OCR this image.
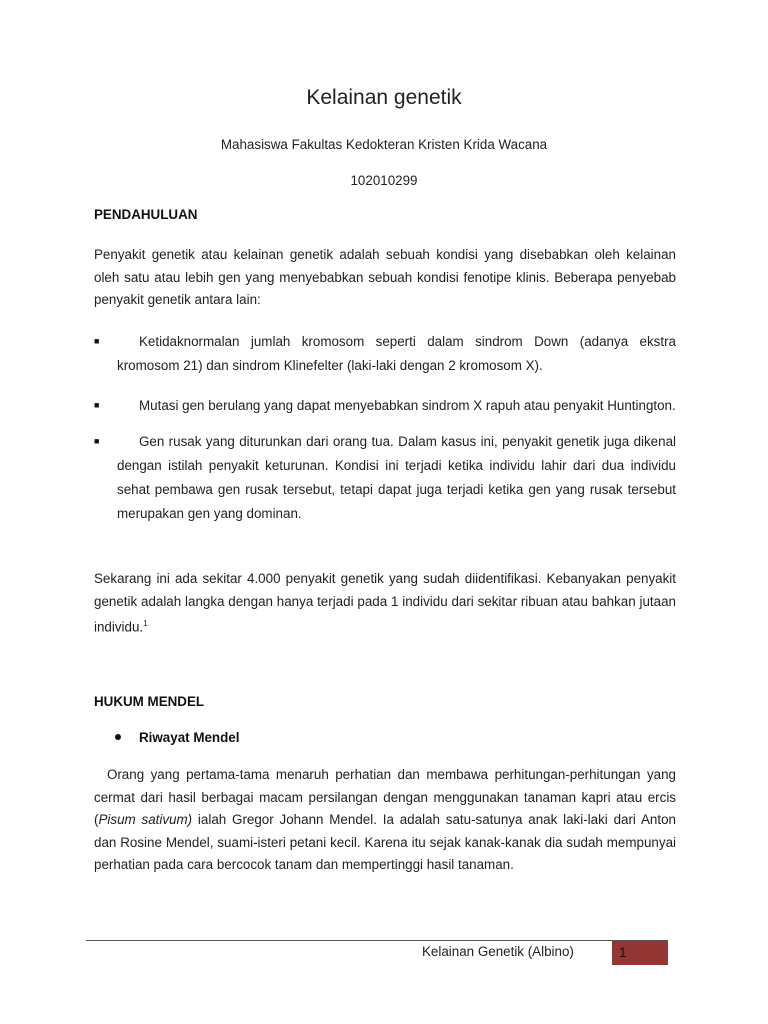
Kelainan genetik
Mahasiswa Fakultas Kedokteran Kristen Krida Wacana
102010299
PENDAHULUAN
Penyakit genetik atau kelainan genetik adalah sebuah kondisi yang disebabkan oleh kelainan oleh satu atau lebih gen yang menyebabkan sebuah kondisi fenotipe klinis. Beberapa penyebab penyakit genetik antara lain:
■	Ketidaknormalan jumlah kromosom seperti dalam sindrom Down (adanya ekstra kromosom 21) dan sindrom Klinefelter (laki-laki dengan 2 kromosom X).
■	Mutasi gen berulang yang dapat menyebabkan sindrom X rapuh atau penyakit Huntington.
■	Gen rusak yang diturunkan dari orang tua. Dalam kasus ini, penyakit genetik juga dikenal dengan istilah penyakit keturunan. Kondisi ini terjadi ketika individu lahir dari dua individu sehat pembawa gen rusak tersebut, tetapi dapat juga terjadi ketika gen yang rusak tersebut merupakan gen yang dominan.
Sekarang ini ada sekitar 4.000 penyakit genetik yang sudah diidentifikasi. Kebanyakan penyakit genetik adalah langka dengan hanya terjadi pada 1 individu dari sekitar ribuan atau bahkan jutaan individu.$^1$
HUKUM MENDEL
Riwayat Mendel
Orang yang pertama-tama menaruh perhatian dan membawa perhitungan-perhitungan yang cermat dari hasil berbagai macam persilangan dengan menggunakan tanaman kapri atau ercis (Pisum sativum) ialah Gregor Johann Mendel. Ia adalah satu-satunya anak laki-laki dari Anton dan Rosine Mendel, suami-isteri petani kecil. Karena itu sejak kanak-kanak dia sudah mempunyai perhatian pada cara bercocok tanam dan mempertinggi hasil tanaman.
Kelainan Genetik (Albino)	1
